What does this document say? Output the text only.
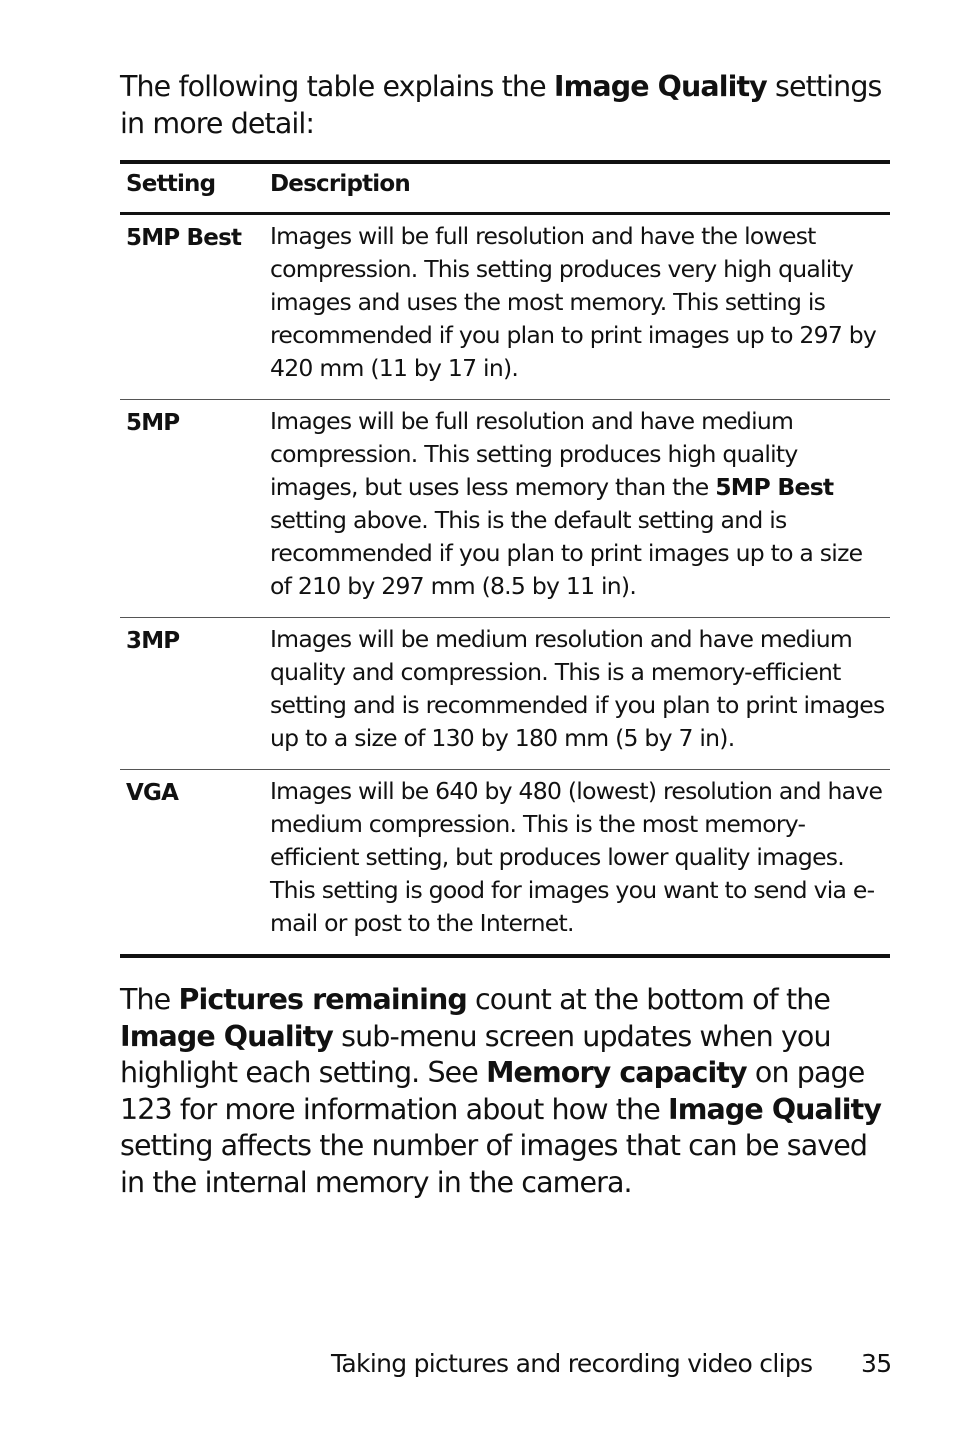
The following table explains the Image Quality settings in more detail:

Setting	Description
5MP Best	Images will be full resolution and have the lowest compression. This setting produces very high quality images and uses the most memory. This setting is recommended if you plan to print images up to 297 by 420 mm (11 by 17 in).
5MP	Images will be full resolution and have medium compression. This setting produces high quality images, but uses less memory than the 5MP Best setting above. This is the default setting and is recommended if you plan to print images up to a size of 210 by 297 mm (8.5 by 11 in).
3MP	Images will be medium resolution and have medium quality and compression. This is a memory-efficient setting and is recommended if you plan to print images up to a size of 130 by 180 mm (5 by 7 in).
VGA	Images will be 640 by 480 (lowest) resolution and have medium compression. This is the most memory-efficient setting, but produces lower quality images. This setting is good for images you want to send via e-mail or post to the Internet.

The Pictures remaining count at the bottom of the Image Quality sub-menu screen updates when you highlight each setting. See Memory capacity on page 123 for more information about how the Image Quality setting affects the number of images that can be saved in the internal memory in the camera.

Taking pictures and recording video clips 35
